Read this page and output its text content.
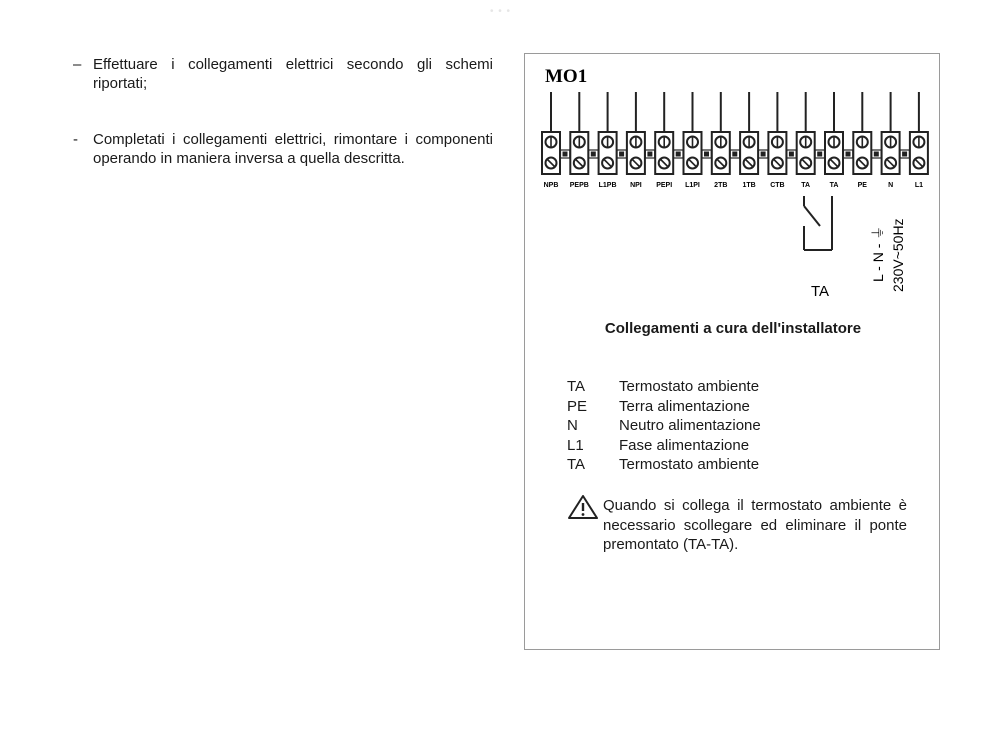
• • •
– Effettuare i collegamenti elettrici secondo gli schemi riportati;
-	Completati i collegamenti elettrici, rimontare i componenti operando in maniera inversa a quella descritta.
MO1
NPB PEPB L1PB NPI PEPI L1PI 2TB 1TB CTB TA	TA	PE	N	L1
TA
L - N - ⏚ 230V~50Hz
Collegamenti a cura dell'installatore
TA	Termostato ambiente
PE	Terra alimentazione
N	Neutro alimentazione
L1	Fase alimentazione
TA	Termostato ambiente
Quando si collega il termostato ambiente è necessario scollegare ed eliminare il ponte premontato (TA-TA).
